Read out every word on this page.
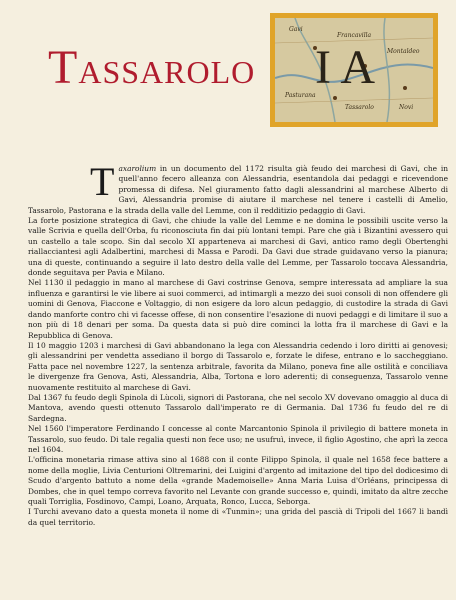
TASSAROLO
Gavi
Francavilla
Montaldeo
Pasturana
Tassarolo	Novi
I A

Taxarolium in un documento del 1172 risulta già feudo dei marchesi di Gavi, che in quell'anno fecero alleanza con Alessandria, esentandola dai pedaggi e ricevendone promessa di difesa. Nel giuramento fatto dagli alessandrini al marchese Alberto di Gavi, Alessandria promise di aiutare il marchese nel tenere i castelli di Amelio, Tassarolo, Pastorana e la strada della valle del Lemme, con il redditizio pedaggio di Gavi.

La forte posizione strategica di Gavi, che chiude la valle del Lemme e ne domina le possibili uscite verso la valle Scrivia e quella dell'Orba, fu riconosciuta fin dai più lontani tempi. Pare che già i Bizantini avessero qui un castello a tale scopo. Sin dal secolo XI apparteneva ai marchesi di Gavi, antico ramo degli Obertenghi riallacciantesi agli Adalbertini, marchesi di Massa e Parodi. Da Gavi due strade guidavano verso la pianura; una di queste, continuando a seguire il lato destro della valle del Lemme, per Tassarolo toccava Alessandria, donde seguitava per Pavia e Milano.

Nel 1130 il pedaggio in mano al marchese di Gavi costrinse Genova, sempre interessata ad ampliare la sua influenza e garantirsi le vie libere ai suoi commerci, ad intimargli a mezzo dei suoi consoli di non offendere gli uomini di Genova, Fiaccone e Voltaggio, di non esigere da loro alcun pedaggio, di custodire la strada di Gavi dando manforte contro chi vi facesse offese, di non consentire l'esazione di nuovi pedaggi e di limitare il suo a non più di 18 denari per soma. Da questa data si può dire cominci la lotta fra il marchese di Gavi e la Repubblica di Genova.

Il 10 maggio 1203 i marchesi di Gavi abbandonano la lega con Alessandria cedendo i loro diritti ai genovesi; gli alessandrini per vendetta assediano il borgo di Tassarolo e, forzate le difese, entrano e lo saccheggiano. Fatta pace nel novembre 1227, la sentenza arbitrale, favorita da Milano, poneva fine alle ostilità e conciliava le divergenze fra Genova, Asti, Alessandria, Alba, Tortona e loro aderenti; di conseguenza, Tassarolo venne nuovamente restituito al marchese di Gavi.

Dal 1367 fu feudo degli Spinola di Lùcoli, signori di Pastorana, che nel secolo XV dovevano omaggio al duca di Mantova, avendo questi ottenuto Tassarolo dall'imperato re di Germania. Dal 1736 fu feudo del re di Sardegna.

Nel 1560 l'imperatore Ferdinando I concesse al conte Marcantonio Spinola il privilegio di battere moneta in Tassarolo, suo feudo. Di tale regalia questi non fece uso; ne usufruì, invece, il figlio Agostino, che aprì la zecca nel 1604.

L'officina monetaria rimase attiva sino al 1688 con il conte Filippo Spinola, il quale nel 1658 fece battere a nome della moglie, Livia Centurioni Oltremarini, dei Luigini d'argento ad imitazione del tipo del dodicesimo di Scudo d'argento battuto a nome della «grande Mademoiselle» Anna Maria Luisa d'Orléans, principessa di Dombes, che in quel tempo correva favorito nel Levante con grande successo e, quindi, imitato da altre zecche quali Torriglia, Fosdinovo, Campi, Loano, Arquata, Ronco, Lucca, Seborga.

I Turchi avevano dato a questa moneta il nome di «Tunmin»; una grida del pascià di Tripoli del 1667 li bandì da quel territorio.
